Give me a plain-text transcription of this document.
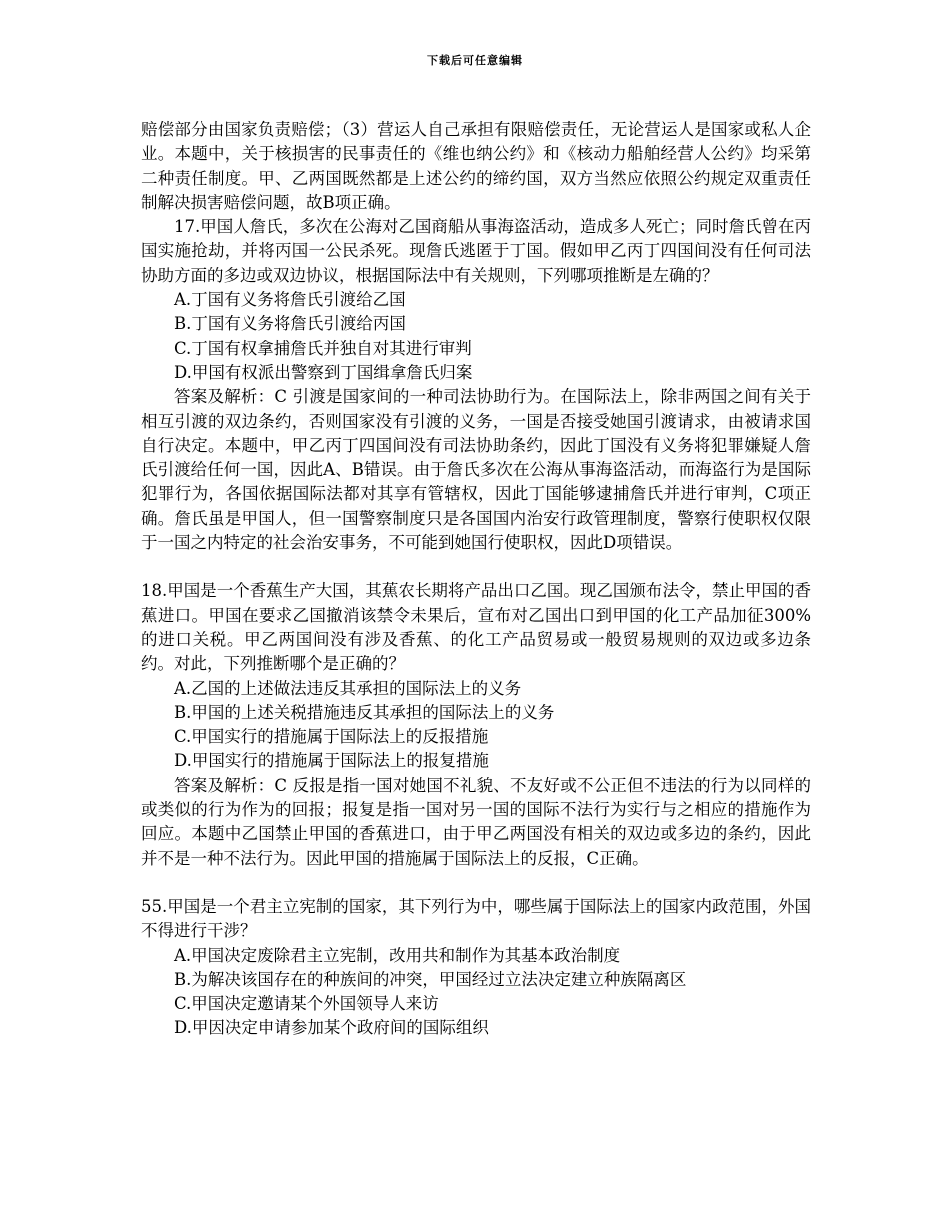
下载后可任意编辑

赔偿部分由国家负责赔偿；（3）营运人自己承担有限赔偿责任，无论营运人是国家或私人企业。本题中，关于核损害的民事责任的《维也纳公约》和《核动力船舶经营人公约》均采第二种责任制度。甲、乙两国既然都是上述公约的缔约国，双方当然应依照公约规定双重责任制解决损害赔偿问题，故B项正确。

17.甲国人詹氏，多次在公海对乙国商船从事海盗活动，造成多人死亡；同时詹氏曾在丙国实施抢劫，并将丙国一公民杀死。现詹氏逃匿于丁国。假如甲乙丙丁四国间没有任何司法协助方面的多边或双边协议，根据国际法中有关规则，下列哪项推断是左确的？

A.丁国有义务将詹氏引渡给乙国

B.丁国有义务将詹氏引渡给丙国

C.丁国有权拿捕詹氏并独自对其进行审判

D.甲国有权派出警察到丁国缉拿詹氏归案

答案及解析：C 引渡是国家间的一种司法协助行为。在国际法上，除非两国之间有关于相互引渡的双边条约，否则国家没有引渡的义务，一国是否接受她国引渡请求，由被请求国自行决定。本题中，甲乙丙丁四国间没有司法协助条约，因此丁国没有义务将犯罪嫌疑人詹氏引渡给任何一国，因此A、B错误。由于詹氏多次在公海从事海盗活动，而海盗行为是国际犯罪行为，各国依据国际法都对其享有管辖权，因此丁国能够逮捕詹氏并进行审判，C项正确。詹氏虽是甲国人，但一国警察制度只是各国国内治安行政管理制度，警察行使职权仅限于一国之内特定的社会治安事务，不可能到她国行使职权，因此D项错误。

18.甲国是一个香蕉生产大国，其蕉农长期将产品出口乙国。现乙国颁布法令，禁止甲国的香蕉进口。甲国在要求乙国撤消该禁令未果后，宣布对乙国出口到甲国的化工产品加征300%的进口关税。甲乙两国间没有涉及香蕉、的化工产品贸易或一般贸易规则的双边或多边条约。对此，下列推断哪个是正确的？

A.乙国的上述做法违反其承担的国际法上的义务

B.甲国的上述关税措施违反其承担的国际法上的义务

C.甲国实行的措施属于国际法上的反报措施

D.甲国实行的措施属于国际法上的报复措施

答案及解析：C 反报是指一国对她国不礼貌、不友好或不公正但不违法的行为以同样的或类似的行为作为的回报；报复是指一国对另一国的国际不法行为实行与之相应的措施作为回应。本题中乙国禁止甲国的香蕉进口，由于甲乙两国没有相关的双边或多边的条约，因此并不是一种不法行为。因此甲国的措施属于国际法上的反报，C正确。

55.甲国是一个君主立宪制的国家，其下列行为中，哪些属于国际法上的国家内政范围，外国不得进行干涉？

A.甲国决定废除君主立宪制，改用共和制作为其基本政治制度

B.为解决该国存在的种族间的冲突，甲国经过立法决定建立种族隔离区

C.甲国决定邀请某个外国领导人来访

D.甲因决定申请参加某个政府间的国际组织
